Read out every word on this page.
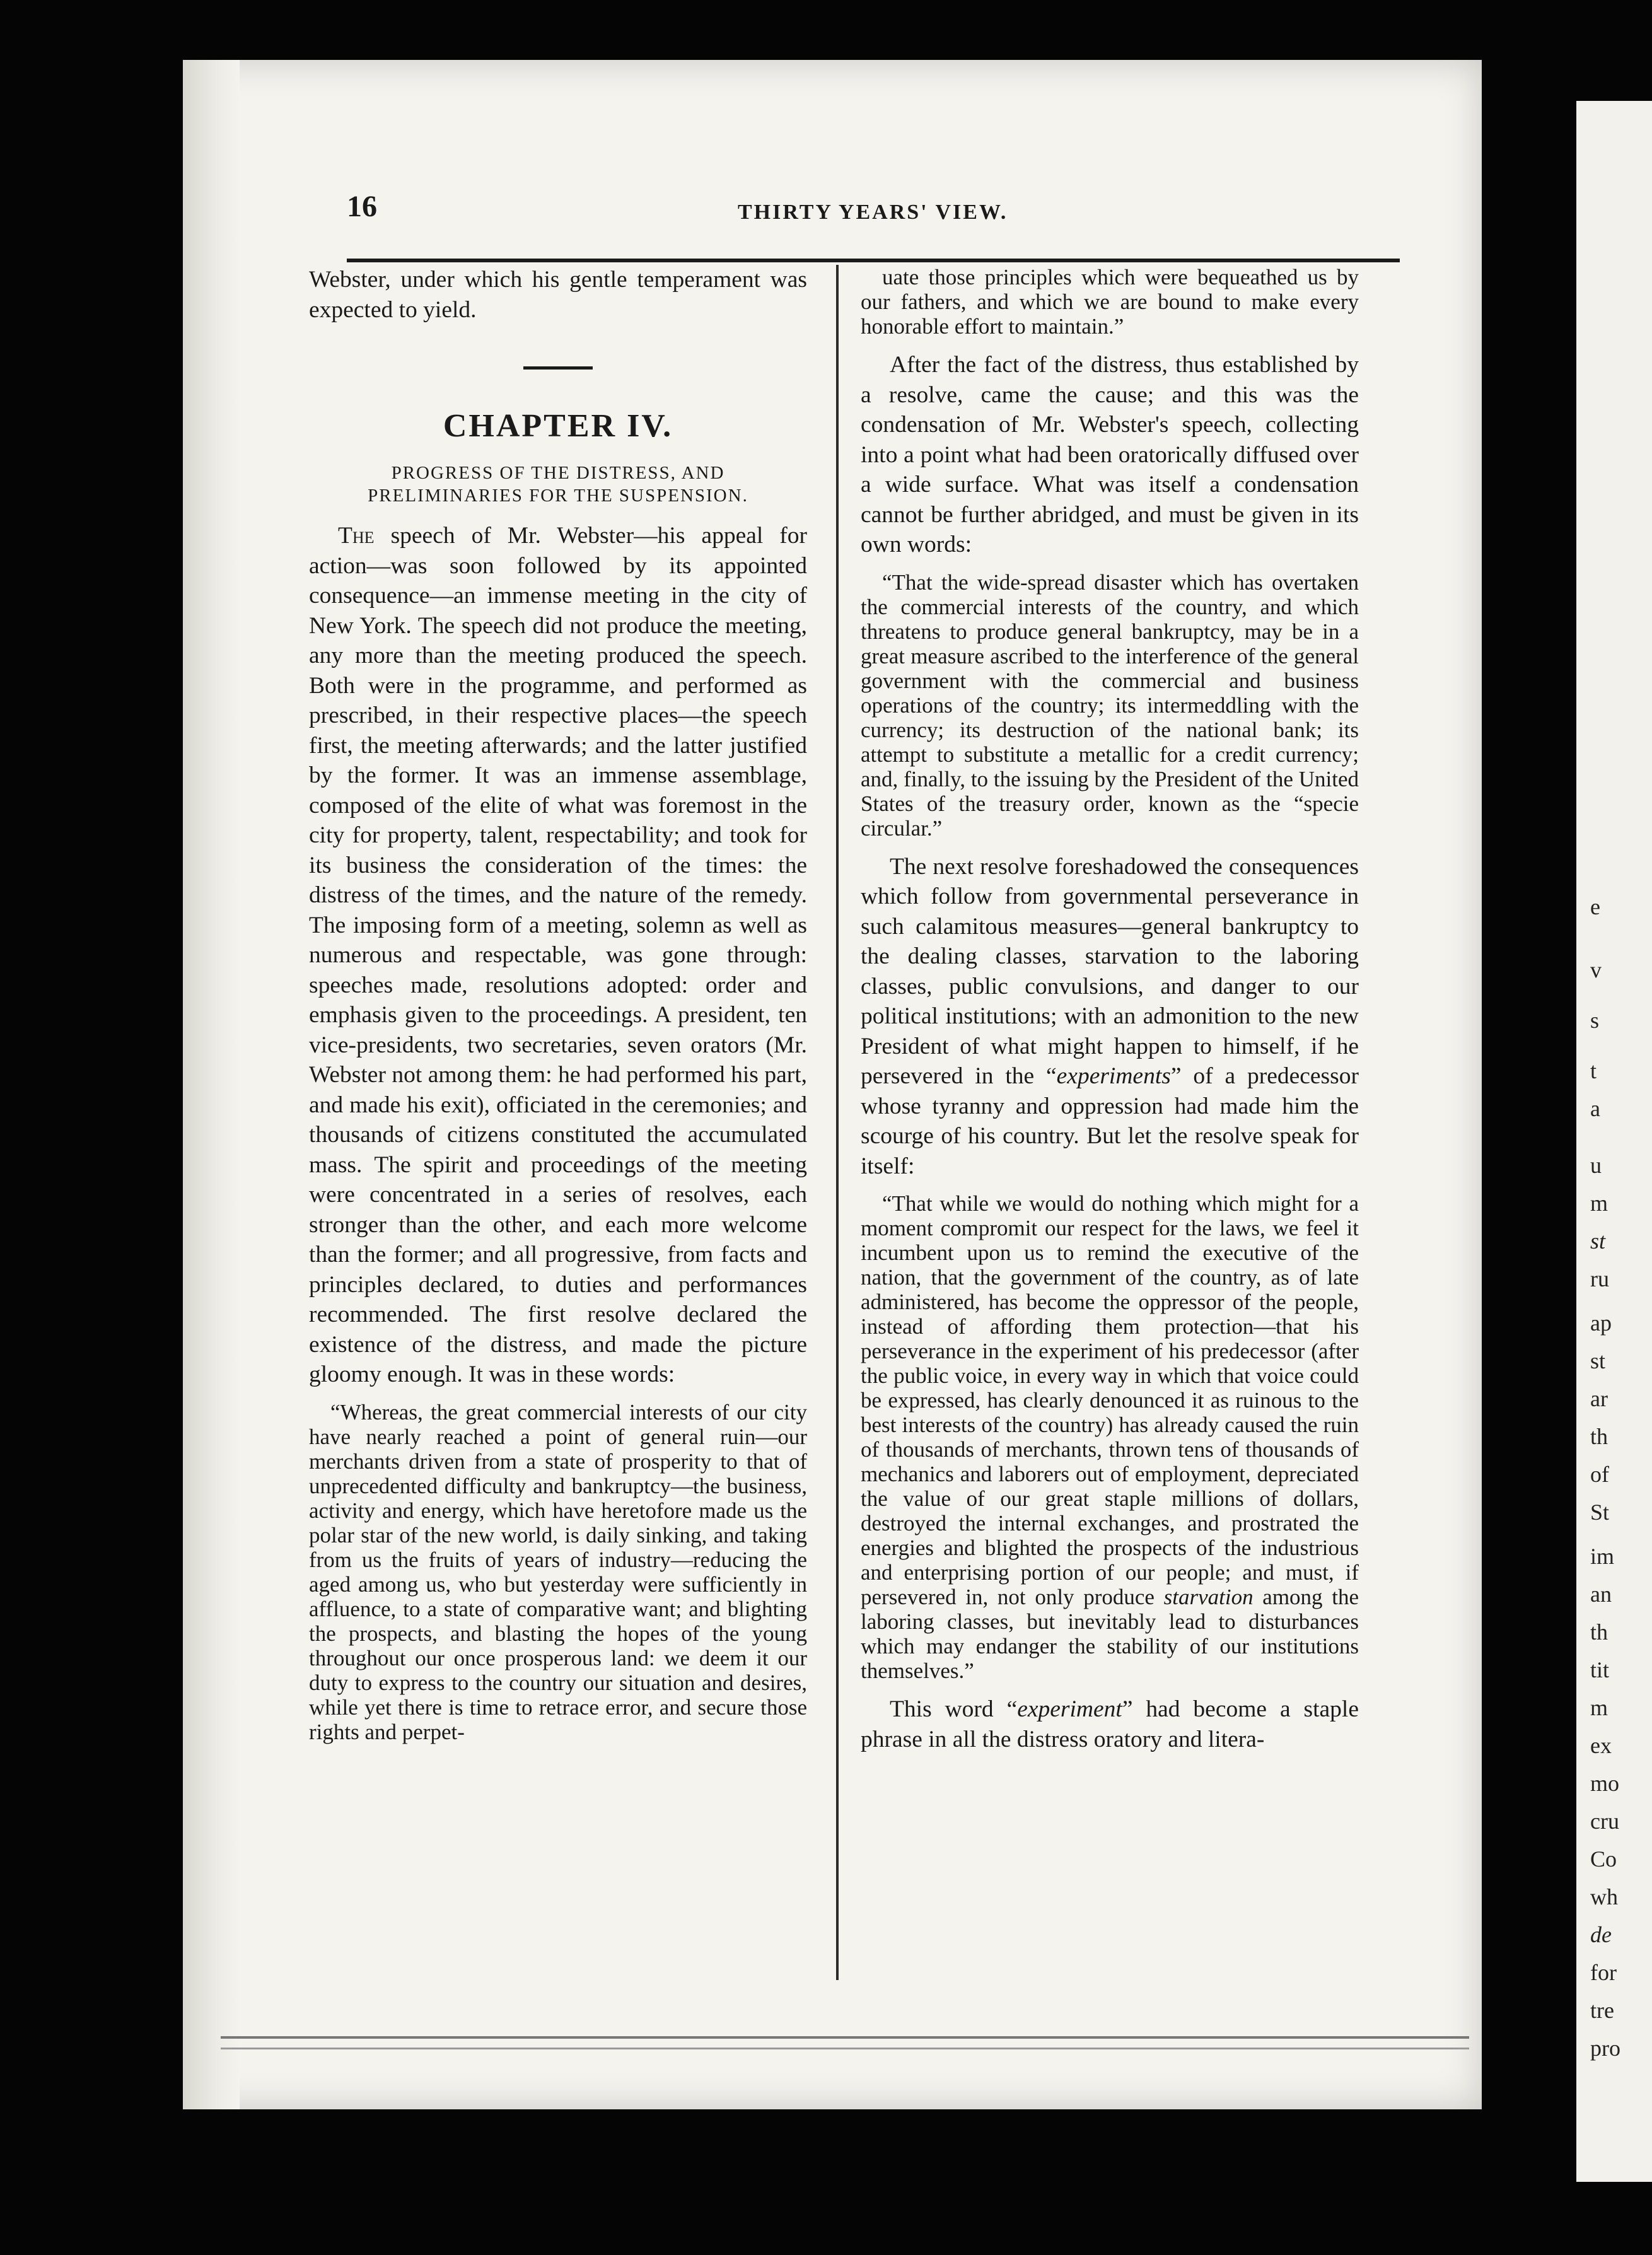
e
v
s
t
a
u
m
st
ru
ap
st
ar
th
of
St
im
an
th
tit
m
ex
mo
cru
Co
wh
de
for
tre
pro
16	THIRTY YEARS' VIEW.

Webster, under which his gentle temperament was expected to yield.

CHAPTER IV.
PROGRESS OF THE DISTRESS, AND PRELIMINARIES FOR THE SUSPENSION.

The speech of Mr. Webster—his appeal for action—was soon followed by its appointed consequence—an immense meeting in the city of New York. The speech did not produce the meeting, any more than the meeting produced the speech. Both were in the programme, and performed as prescribed, in their respective places—the speech first, the meeting afterwards; and the latter justified by the former. It was an immense assemblage, composed of the elite of what was foremost in the city for property, talent, respectability; and took for its business the consideration of the times: the distress of the times, and the nature of the remedy. The imposing form of a meeting, solemn as well as numerous and respectable, was gone through: speeches made, resolutions adopted: order and emphasis given to the proceedings. A president, ten vice-presidents, two secretaries, seven orators (Mr. Webster not among them: he had performed his part, and made his exit), officiated in the ceremonies; and thousands of citizens constituted the accumulated mass. The spirit and proceedings of the meeting were concentrated in a series of resolves, each stronger than the other, and each more welcome than the former; and all progressive, from facts and principles declared, to duties and performances recommended. The first resolve declared the existence of the distress, and made the picture gloomy enough. It was in these words:

“Whereas, the great commercial interests of our city have nearly reached a point of general ruin—our merchants driven from a state of prosperity to that of unprecedented difficulty and bankruptcy—the business, activity and energy, which have heretofore made us the polar star of the new world, is daily sinking, and taking from us the fruits of years of industry—reducing the aged among us, who but yesterday were sufficiently in affluence, to a state of comparative want; and blighting the prospects, and blasting the hopes of the young throughout our once prosperous land: we deem it our duty to express to the country our situation and desires, while yet there is time to retrace error, and secure those rights and perpet-

uate those principles which were bequeathed us by our fathers, and which we are bound to make every honorable effort to maintain.”

After the fact of the distress, thus established by a resolve, came the cause; and this was the condensation of Mr. Webster's speech, collecting into a point what had been oratorically diffused over a wide surface. What was itself a condensation cannot be further abridged, and must be given in its own words:

“That the wide-spread disaster which has overtaken the commercial interests of the country, and which threatens to produce general bankruptcy, may be in a great measure ascribed to the interference of the general government with the commercial and business operations of the country; its intermeddling with the currency; its destruction of the national bank; its attempt to substitute a metallic for a credit currency; and, finally, to the issuing by the President of the United States of the treasury order, known as the “specie circular.”

The next resolve foreshadowed the consequences which follow from governmental perseverance in such calamitous measures—general bankruptcy to the dealing classes, starvation to the laboring classes, public convulsions, and danger to our political institutions; with an admonition to the new President of what might happen to himself, if he persevered in the “experiments” of a predecessor whose tyranny and oppression had made him the scourge of his country. But let the resolve speak for itself:

“That while we would do nothing which might for a moment compromit our respect for the laws, we feel it incumbent upon us to remind the executive of the nation, that the government of the country, as of late administered, has become the oppressor of the people, instead of affording them protection—that his perseverance in the experiment of his predecessor (after the public voice, in every way in which that voice could be expressed, has clearly denounced it as ruinous to the best interests of the country) has already caused the ruin of thousands of merchants, thrown tens of thousands of mechanics and laborers out of employment, depreciated the value of our great staple millions of dollars, destroyed the internal exchanges, and prostrated the energies and blighted the prospects of the industrious and enterprising portion of our people; and must, if persevered in, not only produce starvation among the laboring classes, but inevitably lead to disturbances which may endanger the stability of our institutions themselves.”

This word “experiment” had become a staple phrase in all the distress oratory and litera-
